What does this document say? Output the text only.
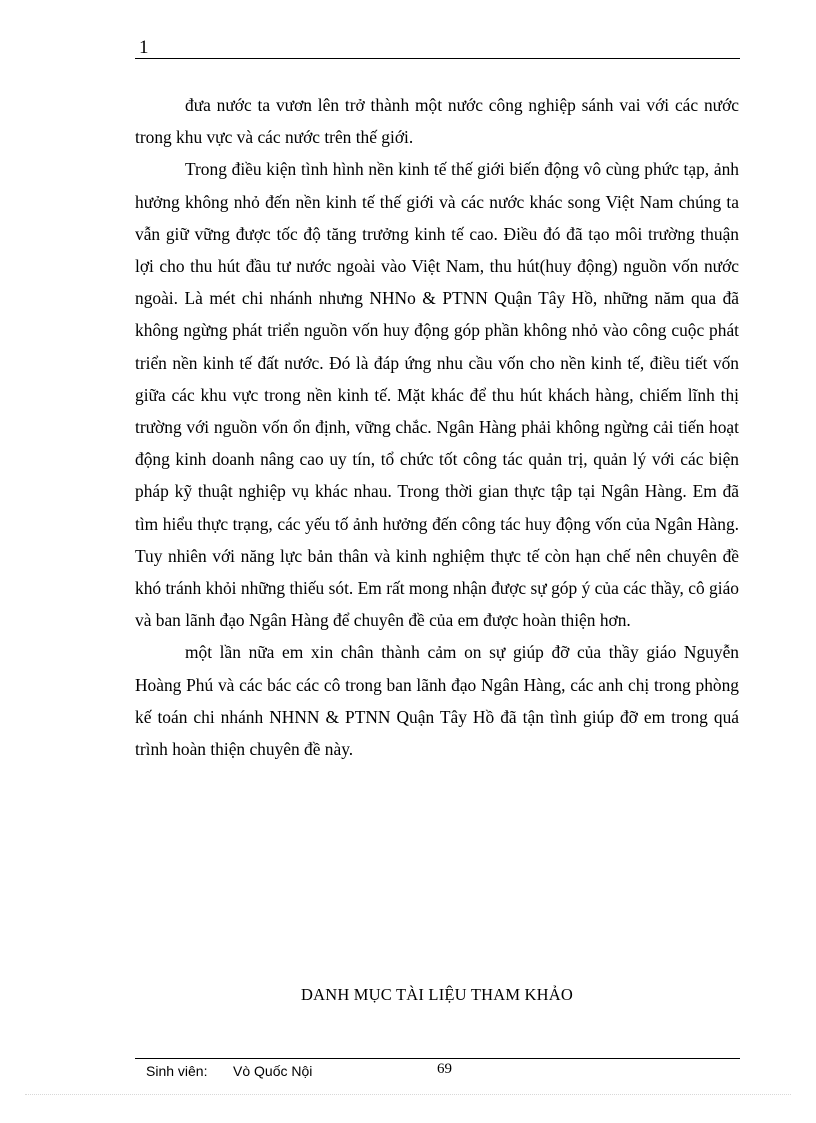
1

đưa nước ta vươn lên trở thành một nước công nghiệp sánh vai với các nước trong khu vực và các nước trên thế giới.

Trong điều kiện tình hình nền kinh tế thế giới biến động vô cùng phức tạp, ảnh hưởng không nhỏ đến nền kinh tế thế giới và các nước khác song Việt Nam chúng ta vẫn giữ vững được tốc độ tăng trưởng kinh tế cao. Điều đó đã tạo môi trường thuận lợi cho thu hút đầu tư nước ngoài vào Việt Nam, thu hút(huy động) nguồn vốn nước ngoài. Là mét chi nhánh nhưng NHNo & PTNN Quận Tây Hồ, những năm qua đã không ngừng phát triển nguồn vốn huy động góp phần không nhỏ vào công cuộc phát triển nền kinh tế đất nước. Đó là đáp ứng nhu cầu vốn cho nền kinh tế, điều tiết vốn giữa các khu vực trong nền kinh tế. Mặt khác để thu hút khách hàng, chiếm lĩnh thị trường với nguồn vốn ổn định, vững chắc. Ngân Hàng phải không ngừng cải tiến hoạt động kinh doanh nâng cao uy tín, tổ chức tốt công tác quản trị, quản lý với các biện pháp kỹ thuật nghiệp vụ khác nhau. Trong thời gian thực tập tại Ngân Hàng. Em đã tìm hiểu thực trạng, các yếu tố ảnh hưởng đến công tác huy động vốn của Ngân Hàng. Tuy nhiên với năng lực bản thân và kinh nghiệm thực tế còn hạn chế nên chuyên đề khó tránh khỏi những thiếu sót. Em rất mong nhận được sự góp ý của các thầy, cô giáo và ban lãnh đạo Ngân Hàng để chuyên đề của em được hoàn thiện hơn.

một lần nữa em xin chân thành cảm on sự giúp đỡ của thầy giáo Nguyễn Hoàng Phú và các bác các cô trong ban lãnh đạo Ngân Hàng, các anh chị trong phòng kế toán chi nhánh NHNN & PTNN Quận Tây Hồ đã tận tình giúp đỡ em trong quá trình hoàn thiện chuyên đề này.

DANH MỤC TÀI LIỆU THAM KHẢO
Sinh viên: Vò Quốc Nội	69
